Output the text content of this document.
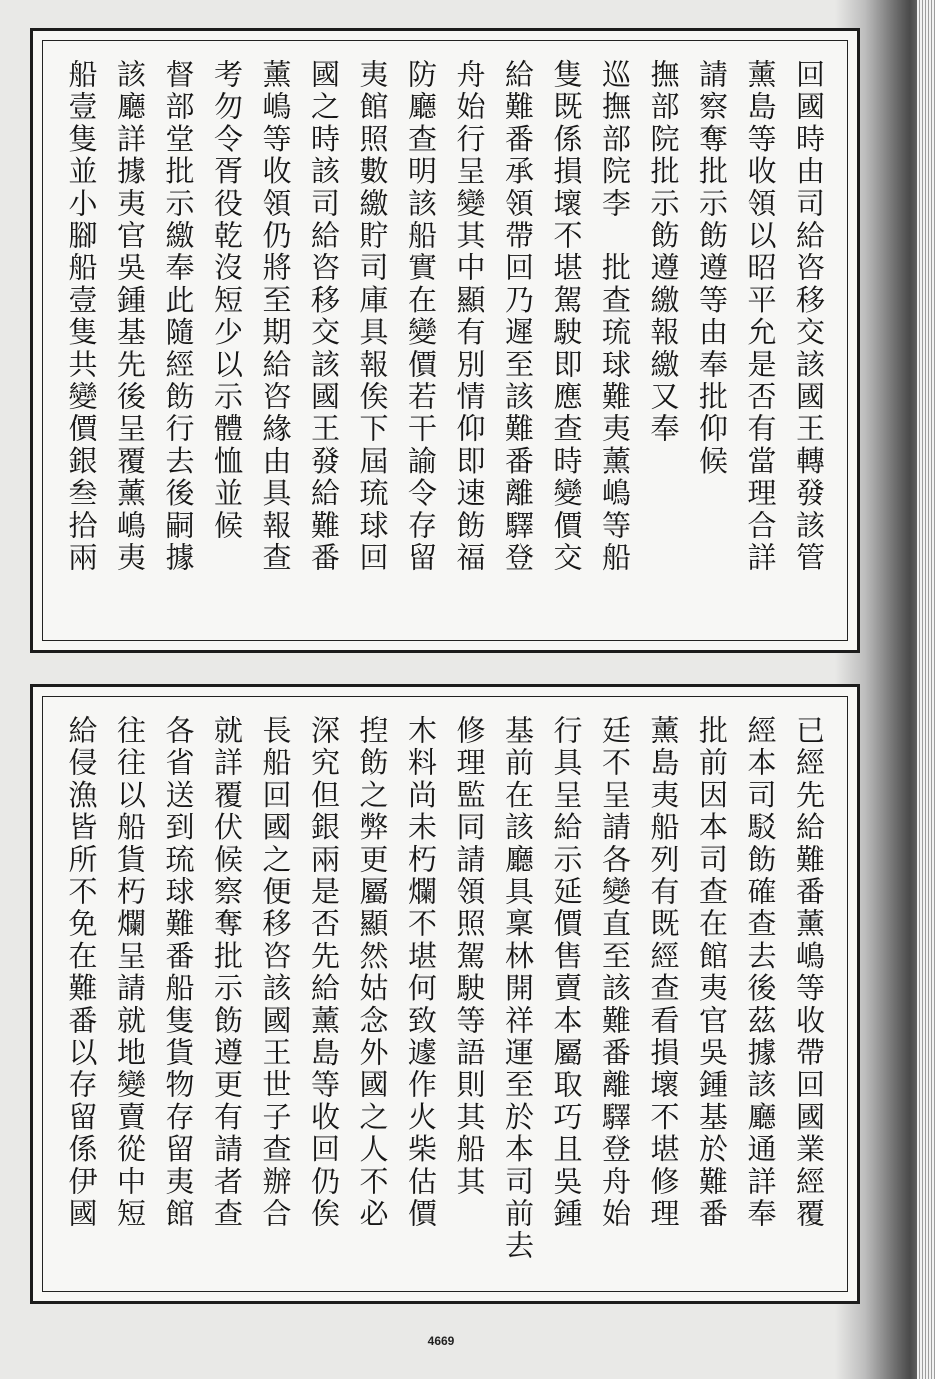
回國時由司給咨移交該國王轉發該管
薰島等收領以昭平允是否有當理合詳
請察奪批示飭遵等由奉批仰候
撫部院批示飭遵繳報繳又奉
巡撫部院李　批查琉球難夷薰嶋等船
隻既係損壞不堪駕駛即應查時變價交
給難番承領帶回乃遲至該難番離驛登
舟始行呈變其中顯有別情仰即速飭福
防廳查明該船實在變價若干諭令存留
夷館照數繳貯司庫具報俟下屆琉球回
國之時該司給咨移交該國王發給難番
薰嶋等收領仍將至期給咨緣由具報查
考勿令胥役乾沒短少以示體恤並候
督部堂批示繳奉此隨經飭行去後嗣據
該廳詳據夷官吳鍾基先後呈覆薰嶋夷
船壹隻並小腳船壹隻共變價銀叁拾兩
已經先給難番薰嶋等收帶回國業經覆
經本司駁飭確查去後茲據該廳通詳奉
批前因本司查在館夷官吳鍾基於難番
薰島夷船列有既經查看損壞不堪修理
廷不呈請各變直至該難番離驛登舟始
行具呈給示延價售賣本屬取巧且吳鍾
基前在該廳具稟林開祥運至於本司前去
修理監同請領照駕駛等語則其船其
木料尚未朽爛不堪何致遽作火柴估價
揑飭之弊更屬顯然姑念外國之人不必
深究但銀兩是否先給薰島等收回仍俟
長船回國之便移咨該國王世子查辦合
就詳覆伏候察奪批示飭遵更有請者查
各省送到琉球難番船隻貨物存留夷館
往往以船貨朽爛呈請就地變賣從中短
給侵漁皆所不免在難番以存留係伊國
4669
